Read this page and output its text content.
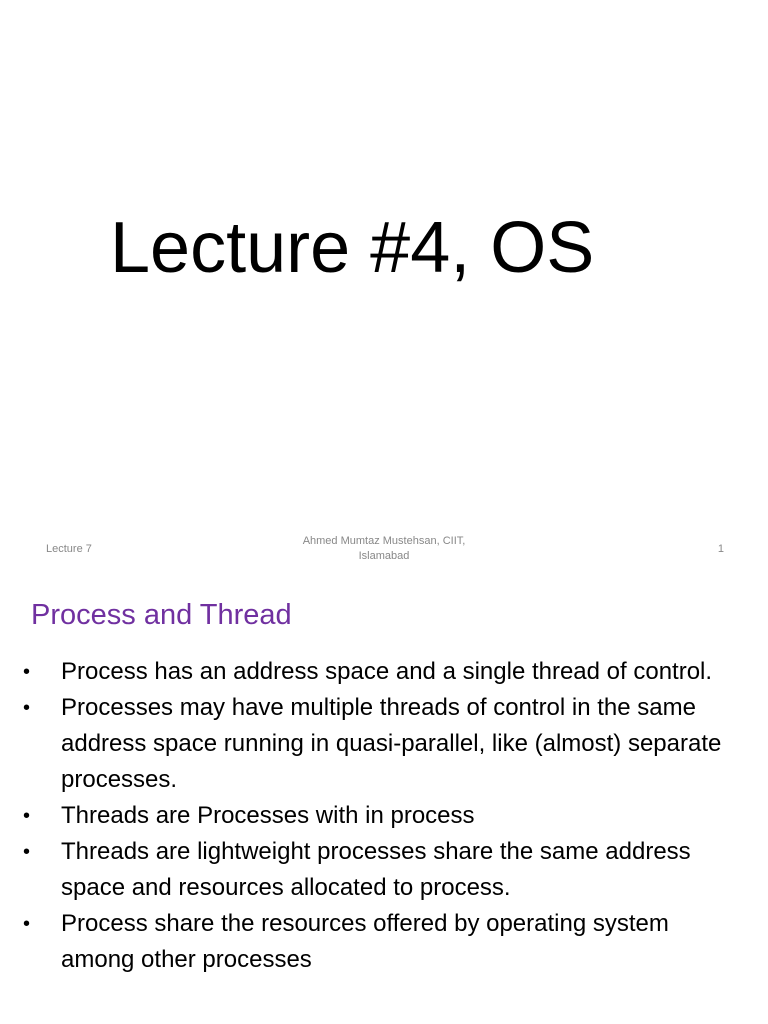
Lecture #4, OS
Lecture 7
Ahmed Mumtaz Mustehsan, CIIT,
Islamabad
1
Process and Thread
• Process has an address space and a single thread of control.
• Processes may have multiple threads of control in the same address space running in quasi-parallel, like (almost) separate processes.
• Threads are Processes with in process
• Threads are lightweight processes share the same address space and resources allocated to process.
• Process share the resources offered by operating system among other processes
